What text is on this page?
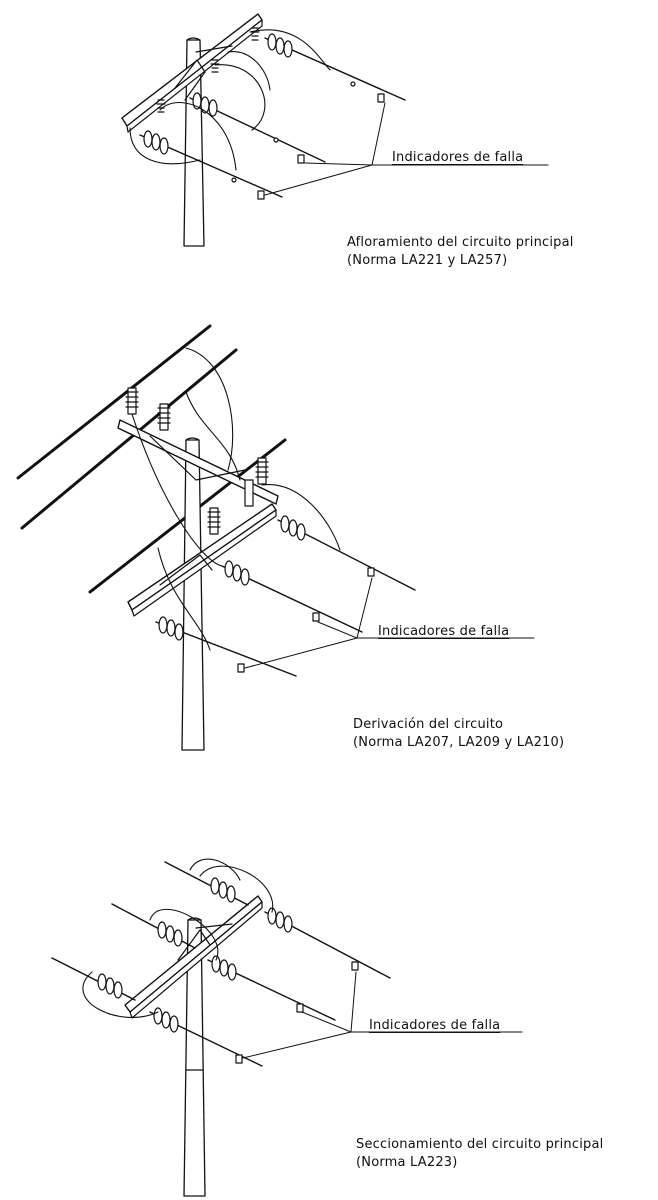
Indicadores de falla
Afloramiento del circuito principal
(Norma LA221 y LA257)
Indicadores de falla
Derivación del circuito
(Norma LA207, LA209 y LA210)
Indicadores de falla
Seccionamiento del circuito principal
(Norma LA223)
